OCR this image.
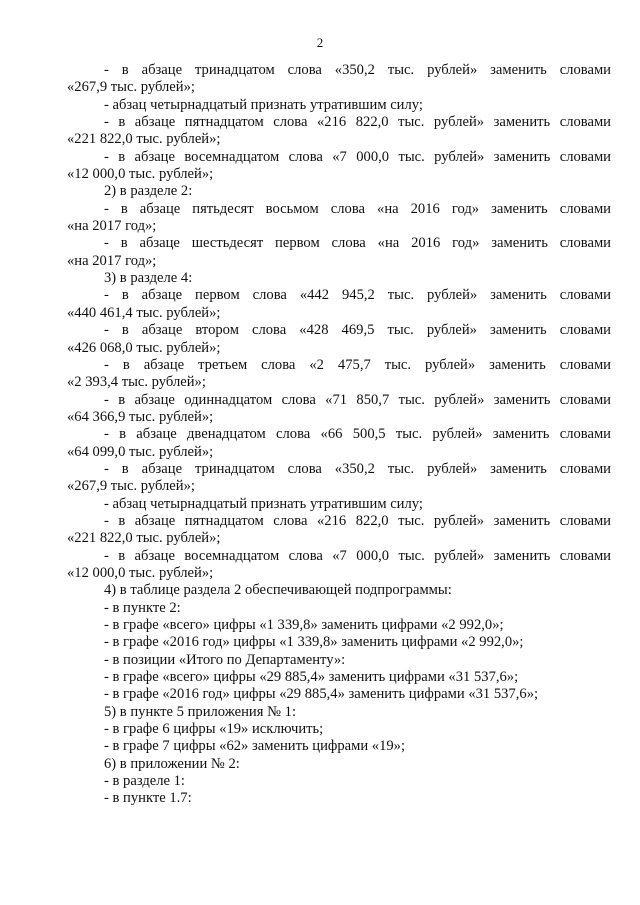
2
- в абзаце тринадцатом слова «350,2 тыс. рублей» заменить словами
«267,9 тыс. рублей»;
- абзац четырнадцатый признать утратившим силу;
- в абзаце пятнадцатом слова «216 822,0 тыс. рублей» заменить словами
«221 822,0 тыс. рублей»;
- в абзаце восемнадцатом слова «7 000,0 тыс. рублей» заменить словами
«12 000,0 тыс. рублей»;
2) в разделе 2:
- в абзаце пятьдесят восьмом слова «на 2016 год» заменить словами
«на 2017 год»;
- в абзаце шестьдесят первом слова «на 2016 год» заменить словами
«на 2017 год»;
3) в разделе 4:
- в абзаце первом слова «442 945,2 тыс. рублей» заменить словами
«440 461,4 тыс. рублей»;
- в абзаце втором слова «428 469,5 тыс. рублей» заменить словами
«426 068,0 тыс. рублей»;
- в абзаце третьем слова «2 475,7 тыс. рублей» заменить словами
«2 393,4 тыс. рублей»;
- в абзаце одиннадцатом слова «71 850,7 тыс. рублей» заменить словами
«64 366,9 тыс. рублей»;
- в абзаце двенадцатом слова «66 500,5 тыс. рублей» заменить словами
«64 099,0 тыс. рублей»;
- в абзаце тринадцатом слова «350,2 тыс. рублей» заменить словами
«267,9 тыс. рублей»;
- абзац четырнадцатый признать утратившим силу;
- в абзаце пятнадцатом слова «216 822,0 тыс. рублей» заменить словами
«221 822,0 тыс. рублей»;
- в абзаце восемнадцатом слова «7 000,0 тыс. рублей» заменить словами
«12 000,0 тыс. рублей»;
4) в таблице раздела 2 обеспечивающей подпрограммы:
- в пункте 2:
- в графе «всего» цифры «1 339,8» заменить цифрами «2 992,0»;
- в графе «2016 год» цифры «1 339,8» заменить цифрами «2 992,0»;
- в позиции «Итого по Департаменту»:
- в графе «всего» цифры «29 885,4» заменить цифрами «31 537,6»;
- в графе «2016 год» цифры «29 885,4» заменить цифрами «31 537,6»;
5) в пункте 5 приложения № 1:
- в графе 6 цифры «19» исключить;
- в графе 7 цифры «62» заменить цифрами «19»;
6) в приложении № 2:
- в разделе 1:
- в пункте 1.7:
